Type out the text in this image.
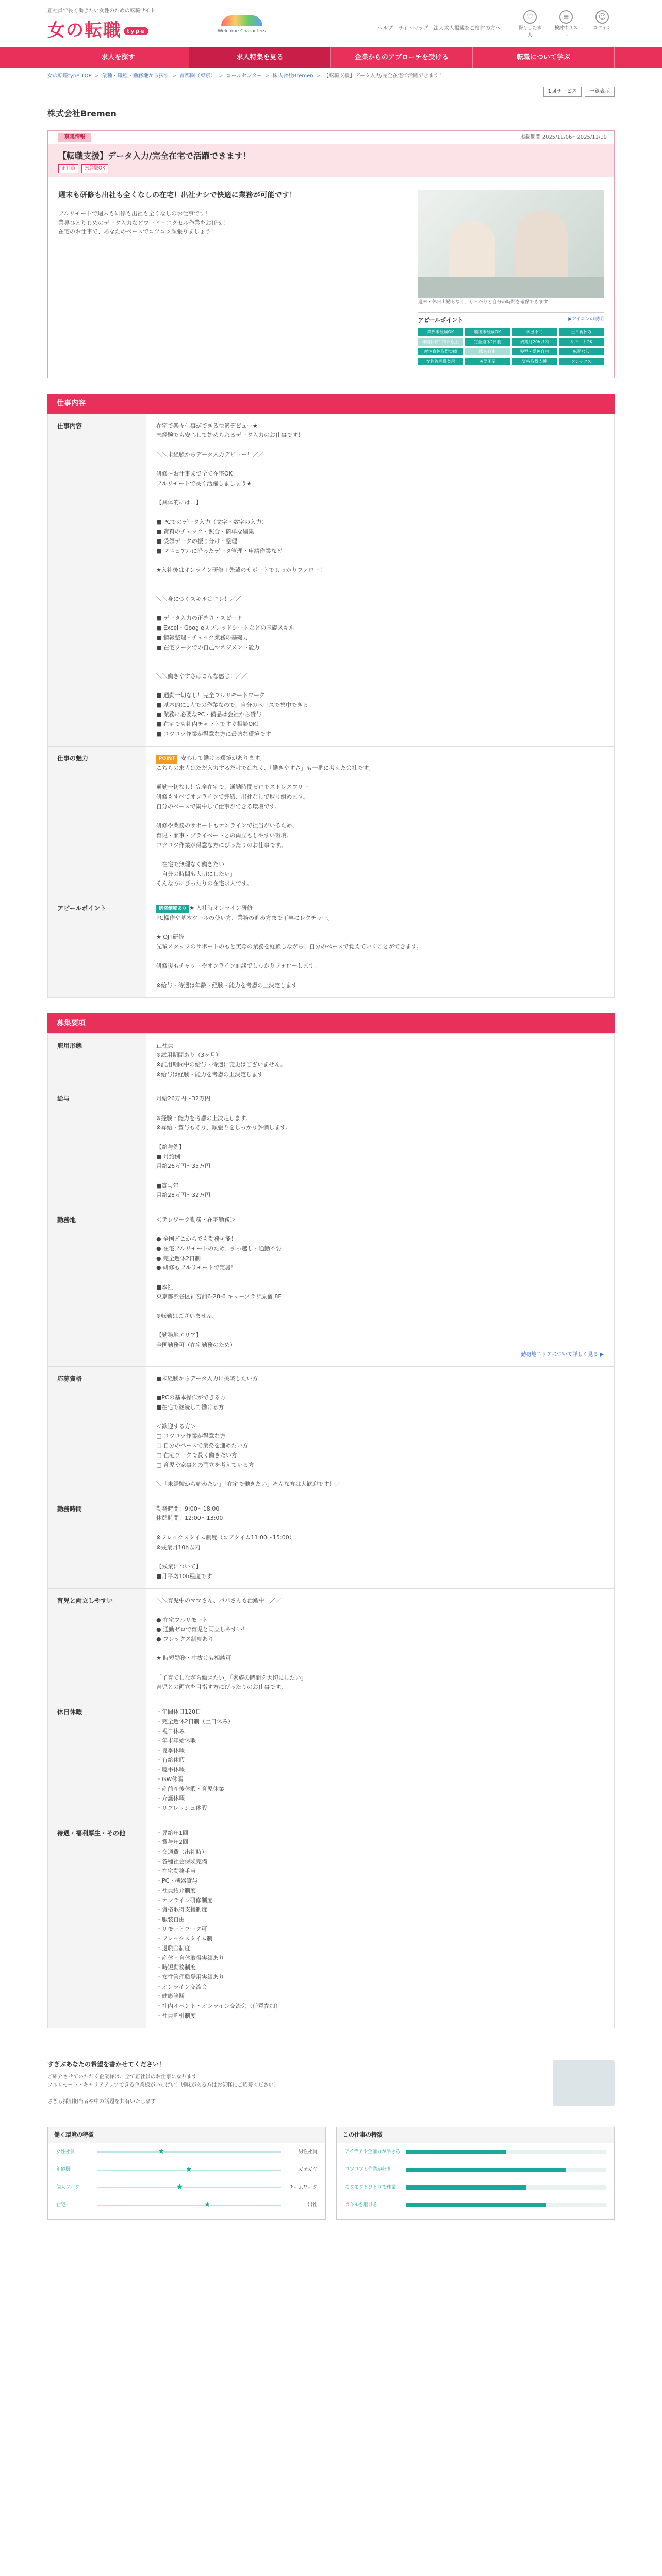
正社員で長く働きたい女性のための転職サイト
女の転職 type	Welcome Characters	ヘルプ サイトマップ 法人求人掲載をご検討の方へ
♡
保存した求人
≡
検討中リスト
☺
ログイン
求人を探す	求人特集を見る	企業からのアプローチを受ける	転職について学ぶ
女の転職type TOP > 業種・職種・勤務地から探す > 首都圏（東京） > コールセンター > 株式会社Bremen > 【転職支援】データ入力/完全在宅で活躍できます！
1回サービス	一覧表示
株式会社Bremen
募集情報	掲載期間 2025/11/06～2025/11/19
【転職支援】データ入力/完全在宅で活躍できます！
正社員	未経験OK
週末も研修も出社も全くなしの在宅！出社ナシで快適に業務が可能です！

フルリモートで週末も研修も出社も全くなしのお仕事です！
業界ひとりじめのデータ入力などワード・エクセル作業をお任せ！
在宅のお仕事で、あなたのペースでコツコツ頑張りましょう！

週末・休日出勤もなく、しっかりと自分の時間を確保できます
アピールポイント	▶アイコンの説明
業界未経験OK	職種未経験OK	学歴不問	土日祝休み
年間休日120日以上	完全週休2日制	残業月20h以内	リモートOK
産休育休取得実績	服装自由	髪型・髪色自由	転勤なし
女性管理職登用	英語不要	資格取得支援	フレックス
仕事内容
仕事内容	在宅で楽々仕事ができる快適デビュー★
未経験でも安心して始められるデータ入力のお仕事です！

＼＼未経験からデータ入力デビュー！／／

研修～お仕事まで全て在宅OK！
フルリモートで長く活躍しましょう★

【具体的には…】

■ PCでのデータ入力（文字・数字の入力）
■ 資料のチェック・照合・簡単な編集
■ 受領データの振り分け・整理
■ マニュアルに沿ったデータ管理・申請作業など

★入社後はオンライン研修＋先輩のサポートでしっかりフォロー！

＼＼身につくスキルはコレ！／／

■ データ入力の正確さ・スピード
■ Excel・Googleスプレッドシートなどの基礎スキル
■ 情報整理・チェック業務の基礎力
■ 在宅ワークでの自己マネジメント能力

＼＼働きやすさはこんな感じ！／／

■ 通勤一切なし！完全フルリモートワーク
■ 基本的に1人での作業なので、自分のペースで集中できる
■ 業務に必要なPC・備品は会社から貸与
■ 在宅でも社内チャットですぐ相談OK！
■ コツコツ作業が得意な方に最適な環境です
仕事の魅力	POINT 安心して働ける環境があります。
こちらの求人はただ入力するだけではなく、「働きやすさ」も一番に考えた会社です。

通勤一切なし！完全在宅で、通勤時間ゼロでストレスフリー
研修もすべてオンラインで完結、出社なしで取り組めます。
自分のペースで集中して仕事ができる環境です。

研修や業務のサポートもオンラインで担当がいるため、
育児・家事・プライベートとの両立もしやすい環境。
コツコツ作業が得意な方にぴったりのお仕事です。

「在宅で無理なく働きたい」
「自分の時間も大切にしたい」
そんな方にぴったりの在宅求人です。
アピールポイント	研修制度あり ★ 入社時オンライン研修
PC操作や基本ツールの使い方、業務の進め方まで丁寧にレクチャー。

★ OJT研修
先輩スタッフのサポートのもと実際の業務を経験しながら、自分のペースで覚えていくことができます。

研修後もチャットやオンライン面談でしっかりフォローします！

※給与・待遇は年齢・経験・能力を考慮の上決定します
募集要項
雇用形態	正社員
※試用期間あり（3ヶ月）
※試用期間中の給与・待遇に変更はございません。
※給与は経験・能力を考慮の上決定します
給与	月給26万円～32万円

※経験・能力を考慮の上決定します。
※昇給・賞与もあり、頑張りをしっかり評価します。

【給与例】
■ 月給例
月給26万円～35万円

■賞与年
月給28万円～32万円
勤務地	＜テレワーク勤務・在宅勤務＞

● 全国どこからでも勤務可能！
● 在宅フルリモートのため、引っ越し・通勤不要！
● 完全週休2日制
● 研修もフルリモートで実施！

■本社
東京都渋谷区神宮前6-28-6 キュープラザ原宿 8F

※転勤はございません。

【勤務地エリア】
全国勤務可（在宅勤務のため）
勤務地エリアについて詳しく見る ▶
応募資格	■未経験からデータ入力に挑戦したい方

■PCの基本操作ができる方
■在宅で継続して働ける方

＜歓迎する方＞
□ コツコツ作業が得意な方
□ 自分のペースで業務を進めたい方
□ 在宅ワークで長く働きたい方
□ 育児や家事との両立を考えている方

＼「未経験から始めたい」「在宅で働きたい」そんな方は大歓迎です！／
勤務時間	勤務時間：9:00～18:00
休憩時間：12:00～13:00

※フレックスタイム制度（コアタイム11:00～15:00）
※残業月10h以内

【残業について】
■月平均10h程度です
育児と両立しやすい	＼＼育児中のママさん、パパさんも活躍中！／／

● 在宅フルリモート
● 通勤ゼロで育児と両立しやすい！
● フレックス制度あり

★ 時短勤務・中抜けも相談可

「子育てしながら働きたい」「家族の時間を大切にしたい」
育児との両立を目指す方にぴったりのお仕事です。
休日休暇	・年間休日120日
・完全週休2日制（土日休み）
・祝日休み
・年末年始休暇
・夏季休暇
・有給休暇
・慶弔休暇
・GW休暇
・産前産後休暇・育児休業
・介護休暇
・リフレッシュ休暇
待遇・福利厚生・その他	・昇給年1回
・賞与年2回
・交通費（出社時）
・各種社会保険完備
・在宅勤務手当
・PC・機器貸与
・社員紹介制度
・オンライン研修制度
・資格取得支援制度
・服装自由
・リモートワーク可
・フレックスタイム制
・退職金制度
・産休・育休取得実績あり
・時短勤務制度
・女性管理職登用実績あり
・オンライン交流会
・健康診断
・社内イベント・オンライン交流会（任意参加）
・社員割引制度
すぎぶあなたの希望を書かせてください！

ご紹介させていただく企業様は、全て正社員のお仕事になります！
フルリモート・キャリアアップできる企業様がいっぱい！興味がある方はお気軽にご応募ください！

さぎも採用担当者や中の話題を共有いたします！

働く環境の特徴
女性社員	★	男性社員
年齢層	★	ガヤガヤ
個人ワーク	★	チームワーク
在宅	★	出社
この仕事の特徴
アイデアや企画力が活きる
コツコツと作業が好き
モクモクとひとりで作業
スキルを磨ける
